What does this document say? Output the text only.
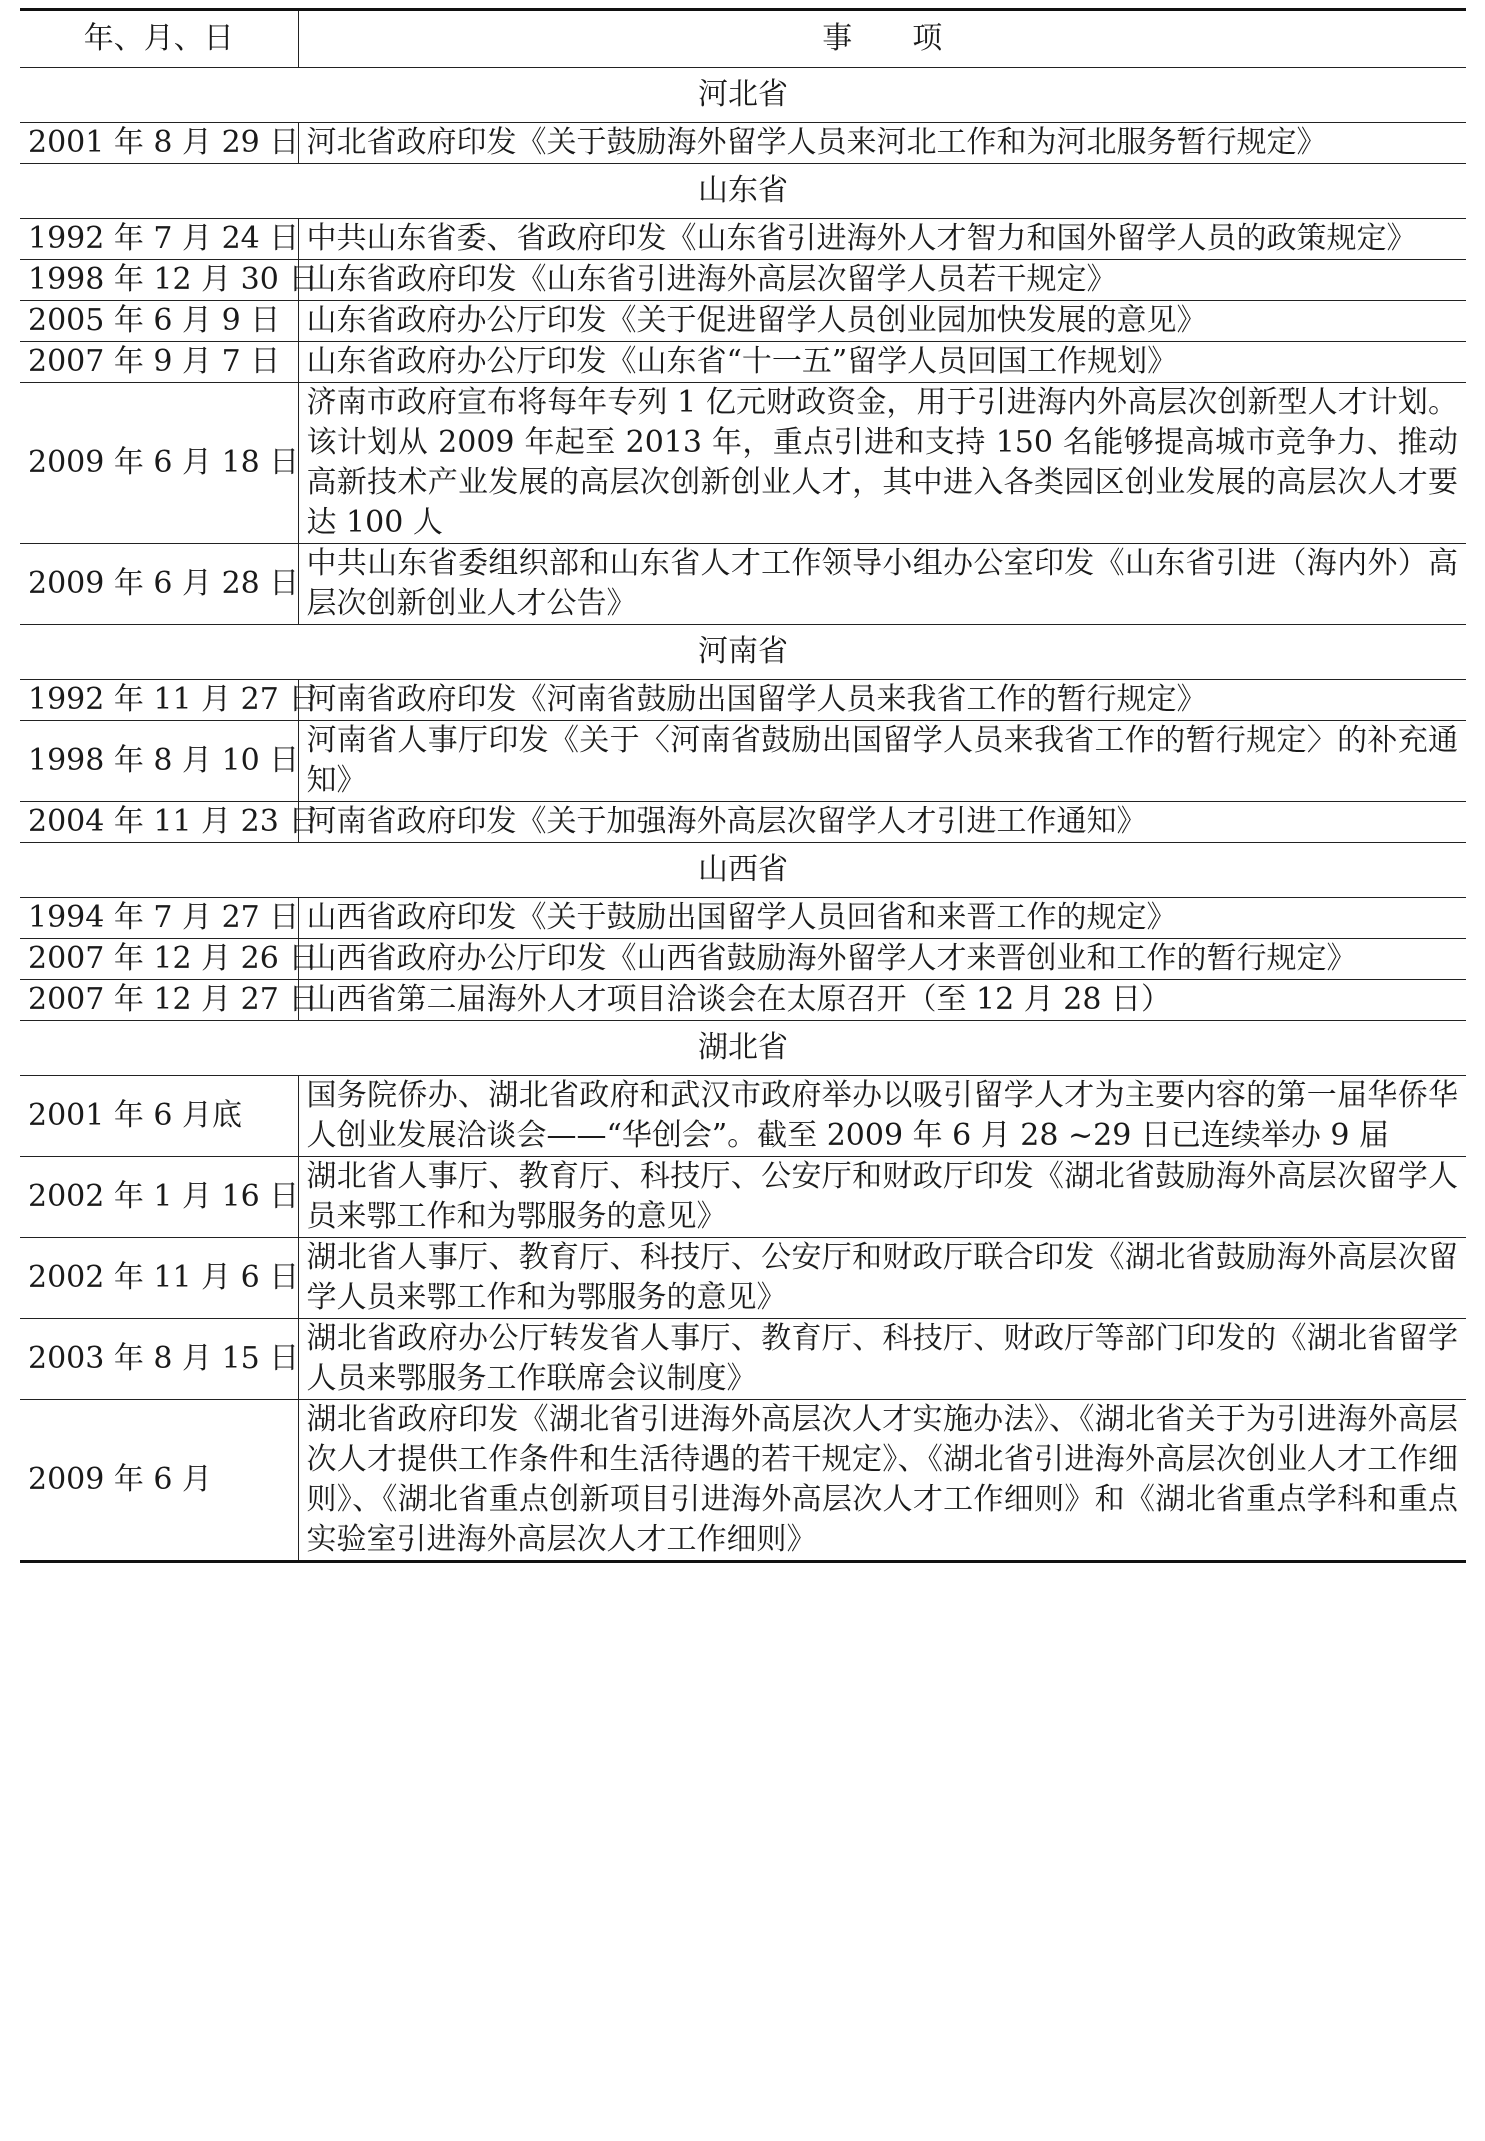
年、月、日	事　　项
河北省	
2001 年 8 月 29 日	河北省政府印发《关于鼓励海外留学人员来河北工作和为河北服务暂行规定》
山东省	
1992 年 7 月 24 日	中共山东省委、省政府印发《山东省引进海外人才智力和国外留学人员的政策规定》
1998 年 12 月 30 日	山东省政府印发《山东省引进海外高层次留学人员若干规定》
2005 年 6 月 9 日	山东省政府办公厅印发《关于促进留学人员创业园加快发展的意见》
2007 年 9 月 7 日	山东省政府办公厅印发《山东省“十一五”留学人员回国工作规划》
2009 年 6 月 18 日	济南市政府宣布将每年专列 1 亿元财政资金，用于引进海内外高层次创新型人才计划。该计划从 2009 年起至 2013 年，重点引进和支持 150 名能够提高城市竞争力、推动高新技术产业发展的高层次创新创业人才，其中进入各类园区创业发展的高层次人才要达 100 人
2009 年 6 月 28 日	中共山东省委组织部和山东省人才工作领导小组办公室印发《山东省引进（海内外）高层次创新创业人才公告》
河南省	
1992 年 11 月 27 日	河南省政府印发《河南省鼓励出国留学人员来我省工作的暂行规定》
1998 年 8 月 10 日	河南省人事厅印发《关于〈河南省鼓励出国留学人员来我省工作的暂行规定〉的补充通知》
2004 年 11 月 23 日	河南省政府印发《关于加强海外高层次留学人才引进工作通知》
山西省	
1994 年 7 月 27 日	山西省政府印发《关于鼓励出国留学人员回省和来晋工作的规定》
2007 年 12 月 26 日	山西省政府办公厅印发《山西省鼓励海外留学人才来晋创业和工作的暂行规定》
2007 年 12 月 27 日	山西省第二届海外人才项目洽谈会在太原召开（至 12 月 28 日）
湖北省	
2001 年 6 月底	国务院侨办、湖北省政府和武汉市政府举办以吸引留学人才为主要内容的第一届华侨华人创业发展洽谈会——“华创会”。截至 2009 年 6 月 28 ~29 日已连续举办 9 届
2002 年 1 月 16 日	湖北省人事厅、教育厅、科技厅、公安厅和财政厅印发《湖北省鼓励海外高层次留学人员来鄂工作和为鄂服务的意见》
2002 年 11 月 6 日	湖北省人事厅、教育厅、科技厅、公安厅和财政厅联合印发《湖北省鼓励海外高层次留学人员来鄂工作和为鄂服务的意见》
2003 年 8 月 15 日	湖北省政府办公厅转发省人事厅、教育厅、科技厅、财政厅等部门印发的《湖北省留学人员来鄂服务工作联席会议制度》
2009 年 6 月	湖北省政府印发《湖北省引进海外高层次人才实施办法》、《湖北省关于为引进海外高层次人才提供工作条件和生活待遇的若干规定》、《湖北省引进海外高层次创业人才工作细则》、《湖北省重点创新项目引进海外高层次人才工作细则》和《湖北省重点学科和重点实验室引进海外高层次人才工作细则》
